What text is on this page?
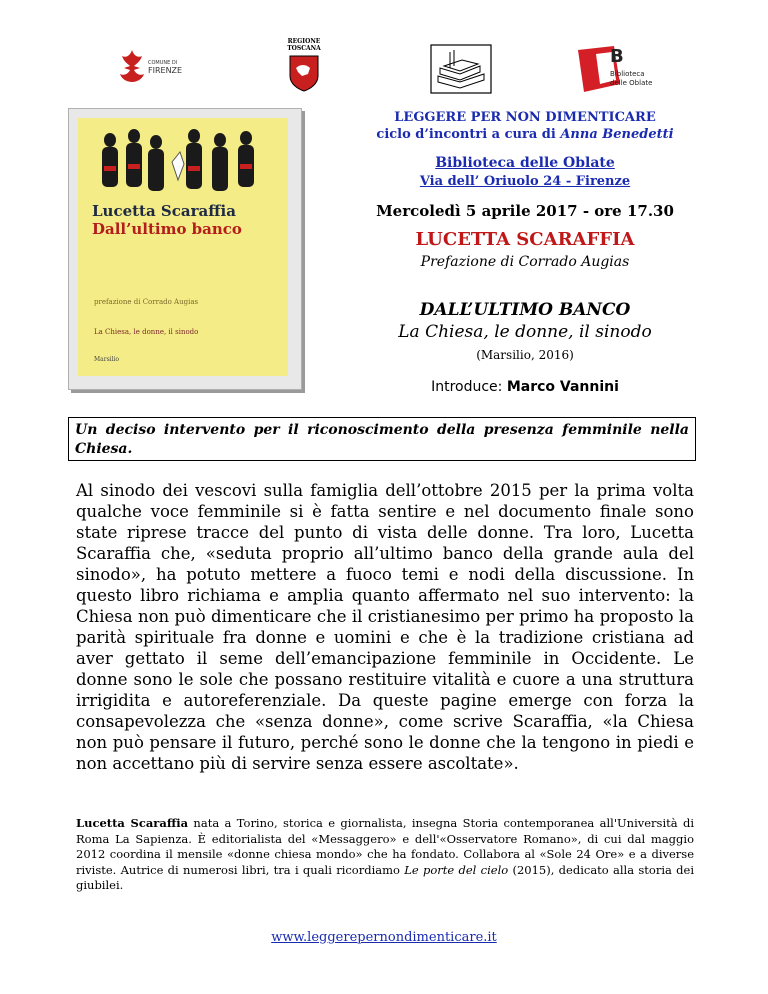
COMUNE DI
FIRENZE
REGIONE
TOSCANA	B
Biblioteca
delle Oblate
Lucetta Scaraffia
Dall’ultimo banco
prefazione di Corrado Augias
La Chiesa, le donne, il sinodo
Marsilio
LEGGERE PER NON DIMENTICARE
ciclo d’incontri a cura di Anna Benedetti
Biblioteca delle Oblate
Via dell’ Oriuolo 24 - Firenze
Mercoledì 5 aprile 2017 - ore 17.30
LUCETTA SCARAFFIA
Prefazione di Corrado Augias
DALL’ULTIMO BANCO
La Chiesa, le donne, il sinodo
(Marsilio, 2016)
Introduce: Marco Vannini
Un deciso intervento per il riconoscimento della presenza femminile nella Chiesa.
Al sinodo dei vescovi sulla famiglia dell’ottobre 2015 per la prima volta qualche voce femminile si è fatta sentire e nel documento finale sono state riprese tracce del punto di vista delle donne. Tra loro, Lucetta Scaraffia che, «seduta proprio all’ultimo banco della grande aula del sinodo», ha potuto mettere a fuoco temi e nodi della discussione. In questo libro richiama e amplia quanto affermato nel suo intervento: la Chiesa non può dimenticare che il cristianesimo per primo ha proposto la parità spirituale fra donne e uomini e che è la tradizione cristiana ad aver gettato il seme dell’emancipazione femminile in Occidente. Le donne sono le sole che possano restituire vitalità e cuore a una struttura irrigidita e autoreferenziale. Da queste pagine emerge con forza la consapevolezza che «senza donne», come scrive Scaraffia, «la Chiesa non può pensare il futuro, perché sono le donne che la tengono in piedi e non accettano più di servire senza essere ascoltate».
Lucetta Scaraffia nata a Torino, storica e giornalista, insegna Storia contemporanea all'Università di Roma La Sapienza. È editorialista del «Messaggero» e dell'«Osservatore Romano», di cui dal maggio 2012 coordina il mensile «donne chiesa mondo» che ha fondato. Collabora al «Sole 24 Ore» e a diverse riviste. Autrice di numerosi libri, tra i quali ricordiamo Le porte del cielo (2015), dedicato alla storia dei giubilei.
www.leggerepernondimenticare.it
